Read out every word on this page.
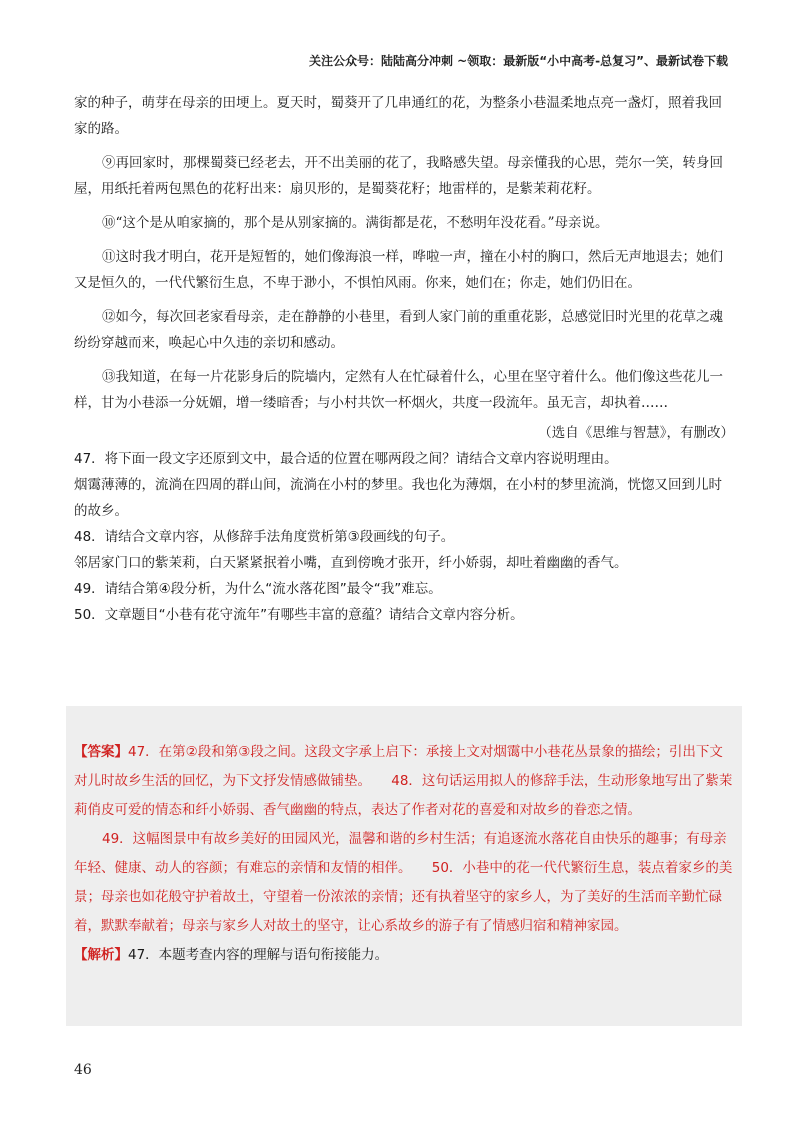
关注公众号：陆陆高分冲刺 ~领取：最新版“小中高考-总复习”、最新试卷下载

家的种子，萌芽在母亲的田埂上。夏天时，蜀葵开了几串通红的花，为整条小巷温柔地点亮一盏灯，照着我回家的路。

⑨再回家时，那棵蜀葵已经老去，开不出美丽的花了，我略感失望。母亲懂我的心思，莞尔一笑，转身回屋，用纸托着两包黑色的花籽出来：扇贝形的，是蜀葵花籽；地雷样的，是紫茉莉花籽。

⑩“这个是从咱家摘的，那个是从别家摘的。满街都是花，不愁明年没花看。”母亲说。

⑪这时我才明白，花开是短暂的，她们像海浪一样，哗啦一声，撞在小村的胸口，然后无声地退去；她们又是恒久的，一代代繁衍生息，不卑于渺小，不惧怕风雨。你来，她们在；你走，她们仍旧在。

⑫如今，每次回老家看母亲，走在静静的小巷里，看到人家门前的重重花影，总感觉旧时光里的花草之魂纷纷穿越而来，唤起心中久违的亲切和感动。

⑬我知道，在每一片花影身后的院墙内，定然有人在忙碌着什么，心里在坚守着什么。他们像这些花儿一样，甘为小巷添一分妩媚，增一缕暗香；与小村共饮一杯烟火，共度一段流年。虽无言，却执着……

（选自《思维与智慧》，有删改）

47．将下面一段文字还原到文中，最合适的位置在哪两段之间？请结合文章内容说明理由。

烟霭薄薄的，流淌在四周的群山间，流淌在小村的梦里。我也化为薄烟，在小村的梦里流淌，恍惚又回到儿时的故乡。

48．请结合文章内容，从修辞手法角度赏析第③段画线的句子。

邻居家门口的紫茉莉，白天紧紧抿着小嘴，直到傍晚才张开，纤小娇弱，却吐着幽幽的香气。

49．请结合第④段分析，为什么“流水落花图”最令“我”难忘。

50．文章题目“小巷有花守流年”有哪些丰富的意蕴？请结合文章内容分析。

【答案】47．在第②段和第③段之间。这段文字承上启下：承接上文对烟霭中小巷花丛景象的描绘；引出下文对儿时故乡生活的回忆，为下文抒发情感做铺垫。　　48．这句话运用拟人的修辞手法，生动形象地写出了紫茉莉俏皮可爱的情态和纤小娇弱、香气幽幽的特点，表达了作者对花的喜爱和对故乡的眷恋之情。

49．这幅图景中有故乡美好的田园风光，温馨和谐的乡村生活；有追逐流水落花自由快乐的趣事；有母亲年轻、健康、动人的容颜；有难忘的亲情和友情的相伴。　　50．小巷中的花一代代繁衍生息，装点着家乡的美景；母亲也如花般守护着故土，守望着一份浓浓的亲情；还有执着坚守的家乡人，为了美好的生活而辛勤忙碌着，默默奉献着；母亲与家乡人对故土的坚守，让心系故乡的游子有了情感归宿和精神家园。

【解析】47．本题考查内容的理解与语句衔接能力。

46
